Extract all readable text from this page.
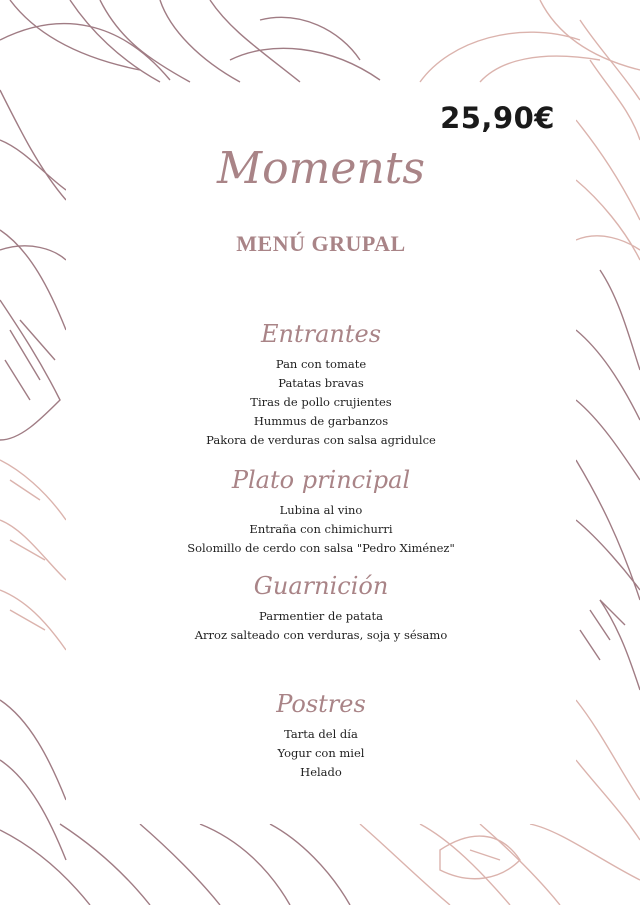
25,90€
Moments
MENÚ GRUPAL
Entrantes
Pan con tomate
Patatas bravas
Tiras de pollo crujientes
Hummus de garbanzos
Pakora de verduras con salsa agridulce
Plato principal
Lubina al vino
Entraña con chimichurri
Solomillo de cerdo con salsa "Pedro Ximénez"
Guarnición
Parmentier de patata
Arroz salteado con verduras, soja y sésamo
Postres
Tarta del día
Yogur con miel
Helado
